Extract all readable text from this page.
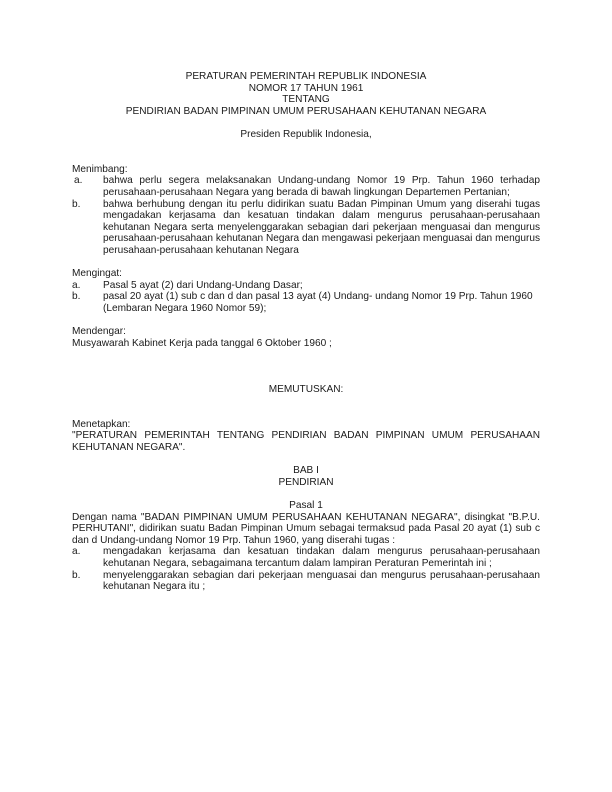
PERATURAN PEMERINTAH REPUBLIK INDONESIA
NOMOR 17 TAHUN 1961
TENTANG
PENDIRIAN BADAN PIMPINAN UMUM PERUSAHAAN KEHUTANAN NEGARA
Presiden Republik Indonesia,
Menimbang:
a.	bahwa perlu segera melaksanakan Undang-undang Nomor 19 Prp. Tahun 1960 terhadap perusahaan-perusahaan Negara yang berada di bawah lingkungan Departemen Pertanian;
b.	bahwa berhubung dengan itu perlu didirikan suatu Badan Pimpinan Umum yang diserahi tugas mengadakan kerjasama dan kesatuan tindakan dalam mengurus perusahaan-perusahaan kehutanan Negara serta menyelenggarakan sebagian dari pekerjaan menguasai dan mengurus perusahaan-perusahaan kehutanan Negara dan mengawasi pekerjaan menguasai dan mengurus perusahaan-perusahaan kehutanan Negara
Mengingat:
a.	Pasal 5 ayat (2) dari Undang-Undang Dasar;
b.	pasal 20 ayat (1) sub c dan d dan pasal 13 ayat (4) Undang- undang Nomor 19 Prp. Tahun 1960 (Lembaran Negara 1960 Nomor 59);
Mendengar:
Musyawarah Kabinet Kerja pada tanggal 6 Oktober 1960 ;
MEMUTUSKAN:
Menetapkan:
"PERATURAN PEMERINTAH TENTANG PENDIRIAN BADAN PIMPINAN UMUM PERUSAHAAN KEHUTANAN NEGARA".
BAB I
PENDIRIAN
Pasal 1
Dengan nama "BADAN PIMPINAN UMUM PERUSAHAAN KEHUTANAN NEGARA", disingkat "B.P.U. PERHUTANI", didirikan suatu Badan Pimpinan Umum sebagai termaksud pada Pasal 20 ayat (1) sub c dan d Undang-undang Nomor 19 Prp. Tahun 1960, yang diserahi tugas :
a.	mengadakan kerjasama dan kesatuan tindakan dalam mengurus perusahaan-perusahaan kehutanan Negara, sebagaimana tercantum dalam lampiran Peraturan Pemerintah ini ;
b.	menyelenggarakan sebagian dari pekerjaan menguasai dan mengurus perusahaan-perusahaan kehutanan Negara itu ;
